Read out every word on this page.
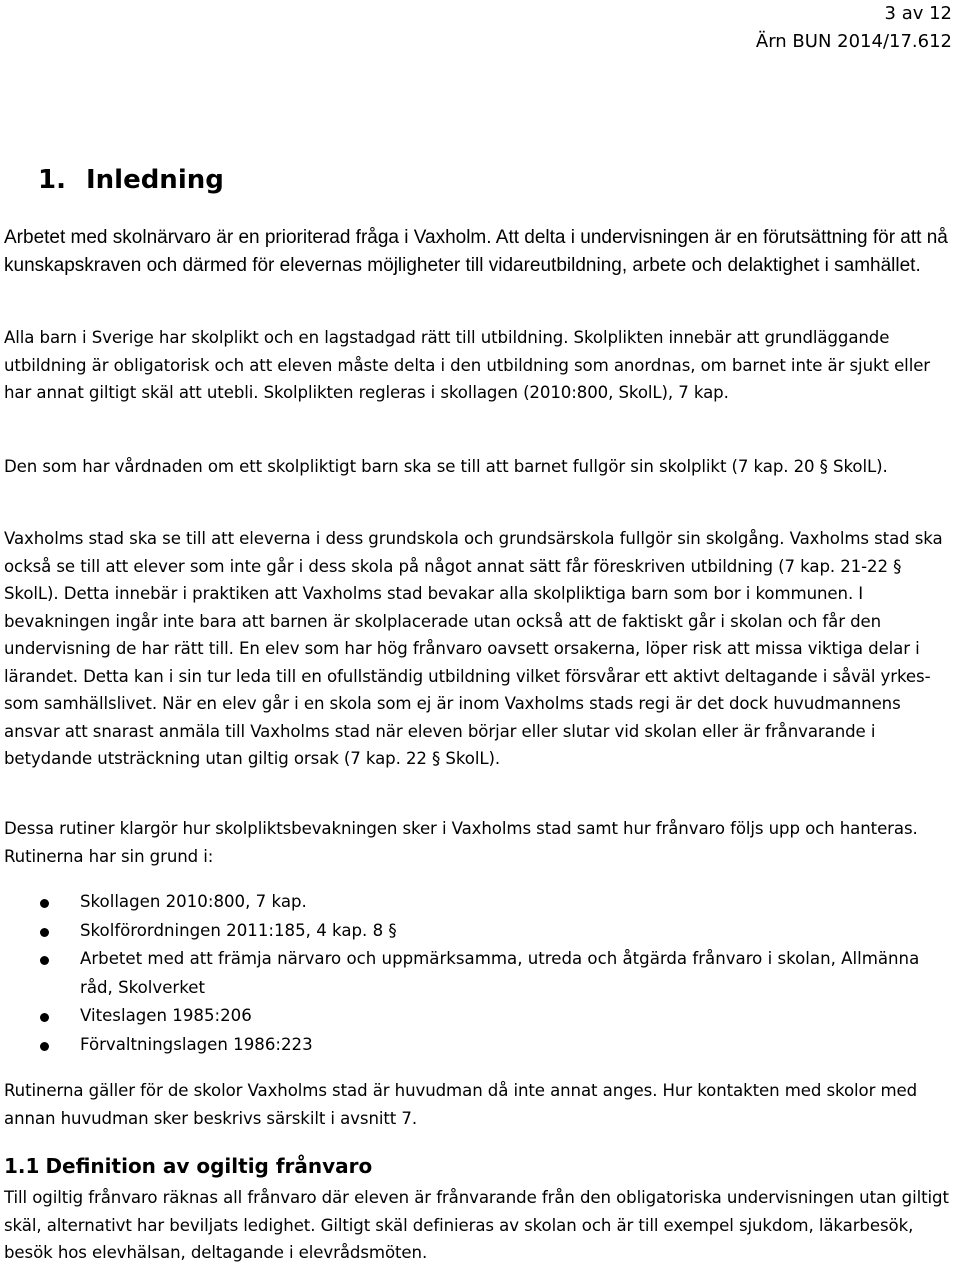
3 av 12
Ärn BUN 2014/17.612
1. Inledning
Arbetet med skolnärvaro är en prioriterad fråga i Vaxholm. Att delta i undervisningen är en förutsättning för att nå kunskapskraven och därmed för elevernas möjligheter till vidareutbildning, arbete och delaktighet i samhället.
Alla barn i Sverige har skolplikt och en lagstadgad rätt till utbildning. Skolplikten innebär att grundläggande utbildning är obligatorisk och att eleven måste delta i den utbildning som anordnas, om barnet inte är sjukt eller har annat giltigt skäl att utebli. Skolplikten regleras i skollagen (2010:800, SkolL), 7 kap.
Den som har vårdnaden om ett skolpliktigt barn ska se till att barnet fullgör sin skolplikt (7 kap. 20 § SkolL).
Vaxholms stad ska se till att eleverna i dess grundskola och grundsärskola fullgör sin skolgång. Vaxholms stad ska också se till att elever som inte går i dess skola på något annat sätt får föreskriven utbildning (7 kap. 21-22 § SkolL). Detta innebär i praktiken att Vaxholms stad bevakar alla skolpliktiga barn som bor i kommunen. I bevakningen ingår inte bara att barnen är skolplacerade utan också att de faktiskt går i skolan och får den undervisning de har rätt till. En elev som har hög frånvaro oavsett orsakerna, löper risk att missa viktiga delar i lärandet. Detta kan i sin tur leda till en ofullständig utbildning vilket försvårar ett aktivt deltagande i såväl yrkes- som samhällslivet. När en elev går i en skola som ej är inom Vaxholms stads regi är det dock huvudmannens ansvar att snarast anmäla till Vaxholms stad när eleven börjar eller slutar vid skolan eller är frånvarande i betydande utsträckning utan giltig orsak (7 kap. 22 § SkolL).
Dessa rutiner klargör hur skolpliktsbevakningen sker i Vaxholms stad samt hur frånvaro följs upp och hanteras. Rutinerna har sin grund i:
Skollagen 2010:800, 7 kap.
Skolförordningen 2011:185, 4 kap. 8 §
Arbetet med att främja närvaro och uppmärksamma, utreda och åtgärda frånvaro i skolan, Allmänna råd, Skolverket
Viteslagen 1985:206
Förvaltningslagen 1986:223
Rutinerna gäller för de skolor Vaxholms stad är huvudman då inte annat anges. Hur kontakten med skolor med annan huvudman sker beskrivs särskilt i avsnitt 7.
1.1 Definition av ogiltig frånvaro
Till ogiltig frånvaro räknas all frånvaro där eleven är frånvarande från den obligatoriska undervisningen utan giltigt skäl, alternativt har beviljats ledighet. Giltigt skäl definieras av skolan och är till exempel sjukdom, läkarbesök, besök hos elevhälsan, deltagande i elevrådsmöten.
